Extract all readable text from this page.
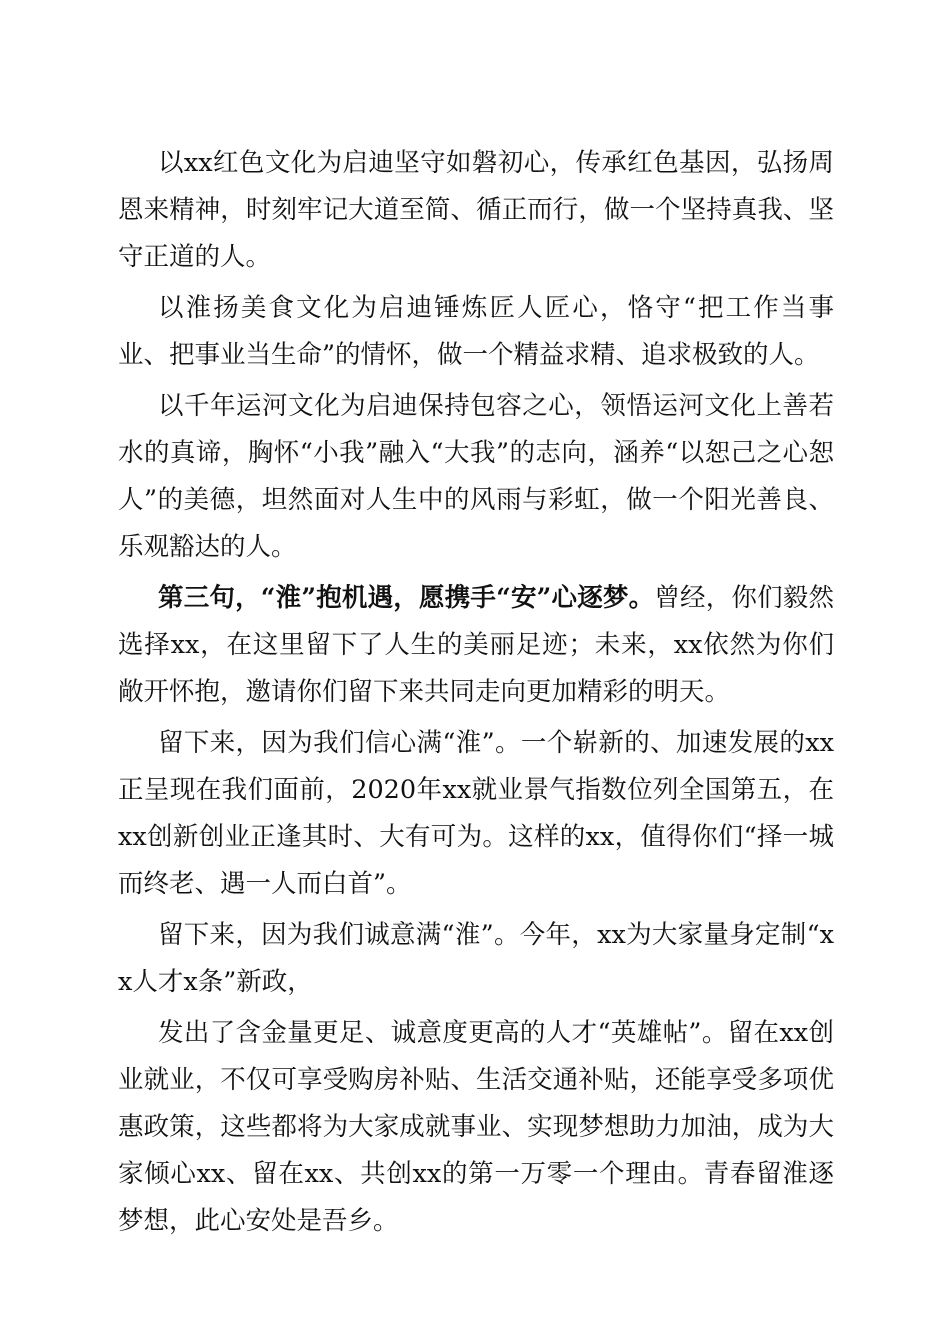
以xx红色文化为启迪坚守如磐初心，传承红色基因，弘扬周恩来精神，时刻牢记大道至简、循正而行，做一个坚持真我、坚守正道的人。

以淮扬美食文化为启迪锤炼匠人匠心，恪守“把工作当事业、把事业当生命”的情怀，做一个精益求精、追求极致的人。

以千年运河文化为启迪保持包容之心，领悟运河文化上善若水的真谛，胸怀“小我”融入“大我”的志向，涵养“以恕己之心恕人”的美德，坦然面对人生中的风雨与彩虹，做一个阳光善良、乐观豁达的人。

第三句，“淮”抱机遇，愿携手“安”心逐梦。曾经，你们毅然选择xx，在这里留下了人生的美丽足迹；未来，xx依然为你们敞开怀抱，邀请你们留下来共同走向更加精彩的明天。

留下来，因为我们信心满“淮”。一个崭新的、加速发展的xx正呈现在我们面前，2020年xx就业景气指数位列全国第五，在xx创新创业正逢其时、大有可为。这样的xx，值得你们“择一城而终老、遇一人而白首”。

留下来，因为我们诚意满“淮”。今年，xx为大家量身定制“xx人才x条”新政，

发出了含金量更足、诚意度更高的人才“英雄帖”。留在xx创业就业，不仅可享受购房补贴、生活交通补贴，还能享受多项优惠政策，这些都将为大家成就事业、实现梦想助力加油，成为大家倾心xx、留在xx、共创xx的第一万零一个理由。青春留淮逐梦想，此心安处是吾乡。
